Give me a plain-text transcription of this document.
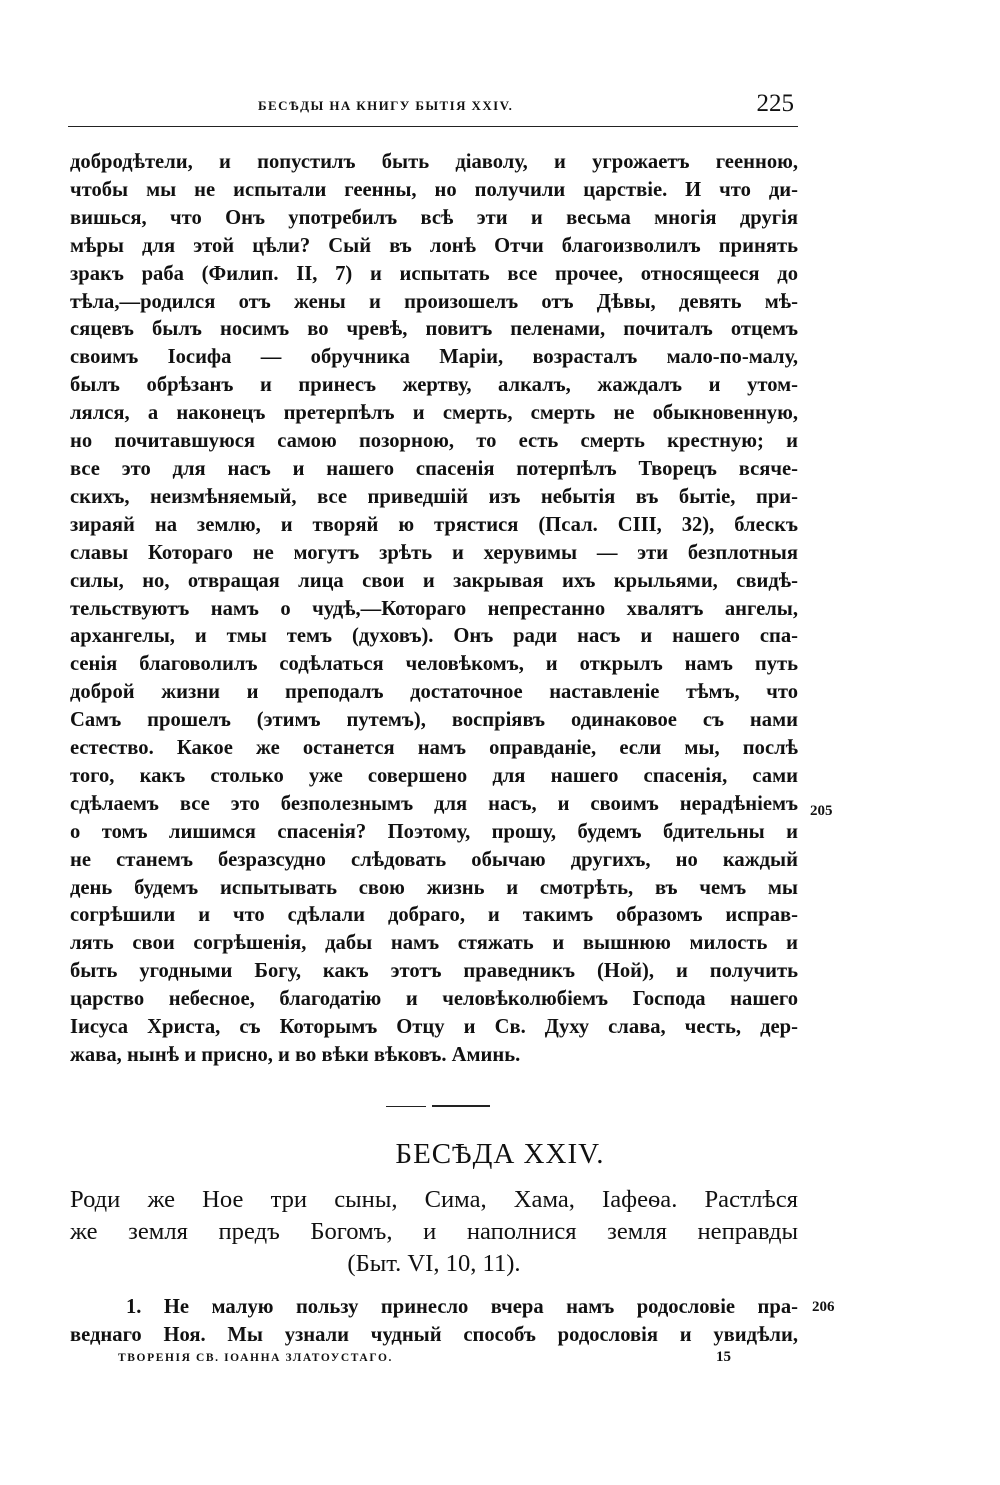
БЕСѢДЫ НА КНИГУ БЫТІЯ XXIV.	225
добродѣтели, и попустилъ быть діаволу, и угрожаетъ геенною,
чтобы мы не испытали геенны, но получили царствіе. И что ди-
вишься, что Онъ употребилъ всѣ эти и весьма многія другія
мѣры для этой цѣли? Сый въ лонѣ Отчи благоизволилъ принять
зракъ раба (Филип. II, 7) и испытать все прочее, относящееся до
тѣла,—родился отъ жены и произошелъ отъ Дѣвы, девять мѣ-
сяцевъ былъ носимъ во чревѣ, повитъ пеленами, почиталъ отцемъ
своимъ Іосифа — обручника Маріи, возрасталъ мало-по-малу,
былъ обрѣзанъ и принесъ жертву, алкалъ, жаждалъ и утом-
лялся, а наконецъ претерпѣлъ и смерть, смерть не обыкновенную,
но почитавшуюся самою позорною, то есть смерть крестную; и
все это для насъ и нашего спасенія потерпѣлъ Творецъ всяче-
скихъ, неизмѣняемый, все приведшій изъ небытія въ бытіе, при-
зираяй на землю, и творяй ю трястися (Псал. CIII, 32), блескъ
славы Котораго не могутъ зрѣть и херувимы — эти безплотныя
силы, но, отвращая лица свои и закрывая ихъ крыльями, свидѣ-
тельствуютъ намъ о чудѣ,—Котораго непрестанно хвалятъ ангелы,
архангелы, и тмы темъ (духовъ). Онъ ради насъ и нашего спа-
сенія благоволилъ содѣлаться человѣкомъ, и открылъ намъ путь
доброй жизни и преподалъ достаточное наставленіе тѣмъ, что
Самъ прошелъ (этимъ путемъ), воспріявъ одинаковое съ нами
естество. Какое же останется намъ оправданіе, если мы, послѣ
того, какъ столько уже совершено для нашего спасенія, сами
сдѣлаемъ все это безполезнымъ для насъ, и своимъ нерадѣніемъ
о томъ лишимся спасенія? Поэтому, прошу, будемъ бдительны и
не станемъ безразсудно слѣдовать обычаю другихъ, но каждый
день будемъ испытывать свою жизнь и смотрѣть, въ чемъ мы
согрѣшили и что сдѣлали добраго, и такимъ образомъ исправ-
лять свои согрѣшенія, дабы намъ стяжать и вышнюю милость и
быть угодными Богу, какъ этотъ праведникъ (Ной), и получить
царство небесное, благодатію и человѣколюбіемъ Господа нашего
Іисуса Христа, съ Которымъ Отцу и Св. Духу слава, честь, дер-
жава, нынѣ и присно, и во вѣки вѣковъ. Аминь.
205
206
БЕСѢДА XXIV.
Роди же Ное три сыны, Сима, Хама, Іафеѳа. Растлѣся
же земля предъ Богомъ, и наполнися земля неправды
(Быт. VI, 10, 11).
1. Не малую пользу принесло вчера намъ родословіе пра-
веднаго Ноя. Мы узнали чудный способъ родословія и увидѣли,
ТВОРЕНІЯ СВ. ІОАННА ЗЛАТОУСТАГО.	15
